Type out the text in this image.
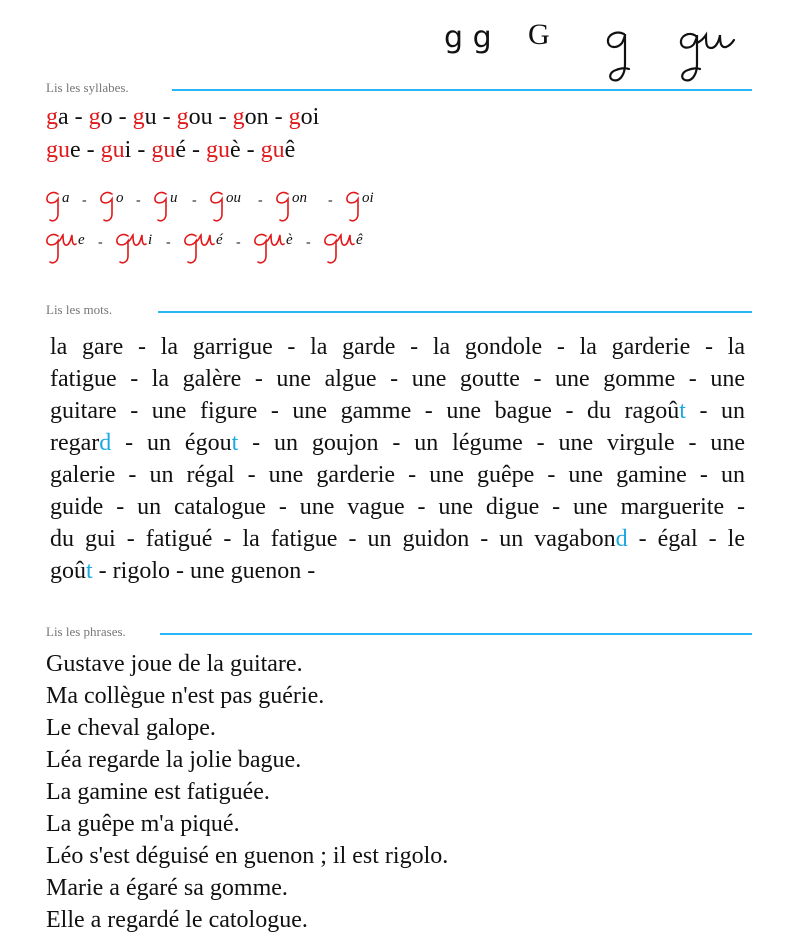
g g G
Lis les syllabes.
ga - go - gu - gou - gon - goi
gue - gui - gué - guè - guê
a - o - u - ou - on - oi
e -	i -	é -	è -	ê
Lis les mots.
la gare - la garrigue - la garde - la gondole - la garderie - la
fatigue - la galère - une algue - une goutte - une gomme - une
guitare - une figure - une gamme - une bague - du ragoût - un
regard - un égout - un goujon - un légume - une virgule - une
galerie - un régal - une garderie - une guêpe - une gamine - un
guide - un catalogue - une vague - une digue - une marguerite -
du gui - fatigué - la fatigue - un guidon - un vagabond - égal - le
goût - rigolo - une guenon -
Lis les phrases.
Gustave joue de la guitare.
Ma collègue n'est pas guérie.
Le cheval galope.
Léa regarde la jolie bague.
La gamine est fatiguée.
La guêpe m'a piqué.
Léo s'est déguisé en guenon ; il est rigolo.
Marie a égaré sa gomme.
Elle a regardé le catologue.
